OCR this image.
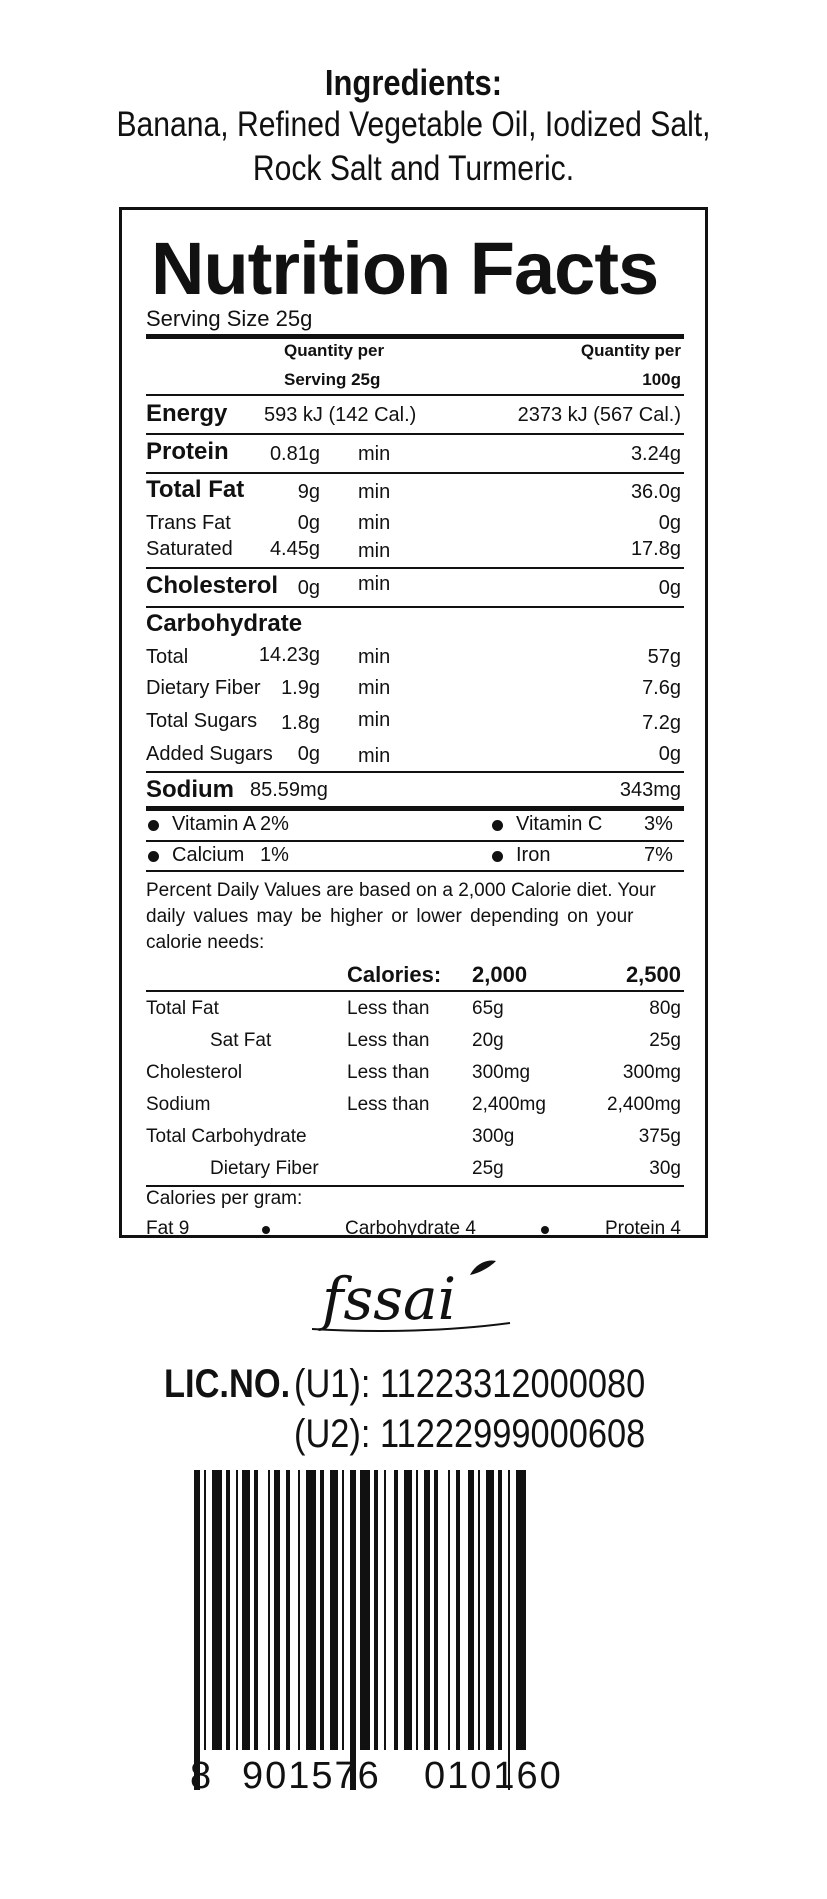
Ingredients:
Banana, Refined Vegetable Oil, Iodized Salt,
Rock Salt and Turmeric.
Nutrition Facts
Serving Size 25g
Quantity per
Serving 25g
Quantity per
100g
Energy 593 kJ (142 Cal.)	2373 kJ (567 Cal.)
Protein 0.81g min	3.24g
Total Fat	9g min	36.0g
Trans Fat	0g min	0g
Saturated 4.45g min	17.8g
Cholesterol 0g min	0g
Carbohydrate
Total	14.23g min	57g
Dietary Fiber 1.9g min	7.6g
Total Sugars 1.8g min	7.2g
Added Sugars 0g min	0g
Sodium 85.59mg	343mg
Vitamin A 2%	Vitamin C 3%
Calcium 1%	Iron	7%
Percent Daily Values are based on a 2,000 Calorie diet. Your
daily values may be higher or lower depending on your
calorie needs:
Calories: 2,000	2,500
Total Fat	Less than 65g	80g
Sat Fat	Less than 20g	25g
Cholesterol	Less than 300mg	300mg
Sodium	Less than 2,400mg	2,400mg
Total Carbohydrate	300g	375g
Dietary Fiber	25g	30g
Calories per gram:
Fat 9	Carbohydrate 4	Protein 4
fssai
LIC.NO. (U1): 11223312000080
(U2): 11222999000608
8 901576 010160
